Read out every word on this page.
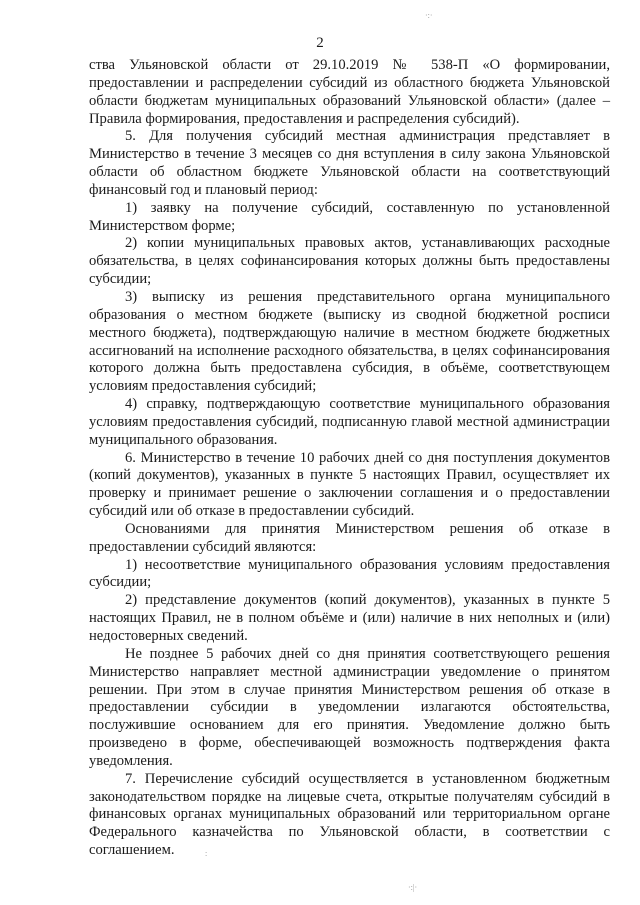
2

ства Ульяновской области от 29.10.2019 № 538-П «О формировании, предоставлении и распределении субсидий из областного бюджета Ульяновской области бюджетам муниципальных образований Ульяновской области» (далее – Правила формирования, предоставления и распределения субсидий).

5. Для получения субсидий местная администрация представляет в Министерство в течение 3 месяцев со дня вступления в силу закона Ульяновской области об областном бюджете Ульяновской области на соответствующий финансовый год и плановый период:

1) заявку на получение субсидий, составленную по установленной Министерством форме;

2) копии муниципальных правовых актов, устанавливающих расходные обязательства, в целях софинансирования которых должны быть предоставлены субсидии;

3) выписку из решения представительного органа муниципального образования о местном бюджете (выписку из сводной бюджетной росписи местного бюджета), подтверждающую наличие в местном бюджете бюджетных ассигнований на исполнение расходного обязательства, в целях софинансирования которого должна быть предоставлена субсидия, в объёме, соответствующем условиям предоставления субсидий;

4) справку, подтверждающую соответствие муниципального образования условиям предоставления субсидий, подписанную главой местной администрации муниципального образования.

6. Министерство в течение 10 рабочих дней со дня поступления документов (копий документов), указанных в пункте 5 настоящих Правил, осуществляет их проверку и принимает решение о заключении соглашения и о предоставлении субсидий или об отказе в предоставлении субсидий.

Основаниями для принятия Министерством решения об отказе в предоставлении субсидий являются:

1) несоответствие муниципального образования условиям предоставления субсидии;

2) представление документов (копий документов), указанных в пункте 5 настоящих Правил, не в полном объёме и (или) наличие в них неполных и (или) недостоверных сведений.

Не позднее 5 рабочих дней со дня принятия соответствующего решения Министерство направляет местной администрации уведомление о принятом решении. При этом в случае принятия Министерством решения об отказе в предоставлении субсидии в уведомлении излагаются обстоятельства, послужившие основанием для его принятия. Уведомление должно быть произведено в форме, обеспечивающей возможность подтверждения факта уведомления.

7. Перечисление субсидий осуществляется в установленном бюджетным законодательством порядке на лицевые счета, открытые получателям субсидий в финансовых органах муниципальных образований или территориальном органе Федерального казначейства по Ульяновской области, в соответствии с соглашением.

·:·
:
·:|·
